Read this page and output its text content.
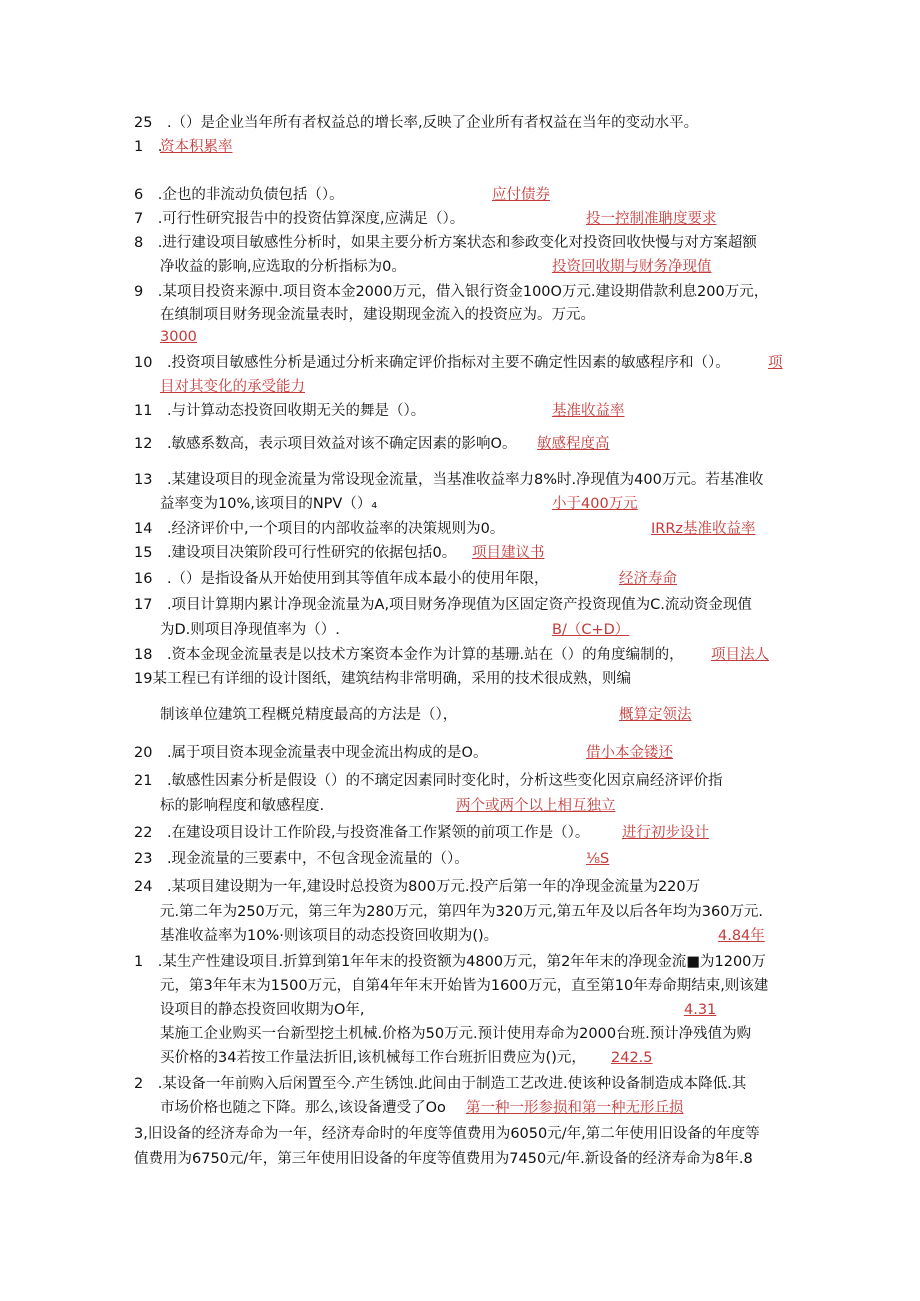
25　.（）是企业当年所有者权益总的增长率,反映了企业所有者权益在当年的变动水平。
1　.
资本积累率
6　.企也的非流动负债包括（）。	应付债券
7　.可行性研究报告中的投资估算深度,应满足（）。	投一控制准聃度要求
8　.进行建设项目敏感性分析时，如果主要分析方案状态和参政变化对投资回收快慢与对方案超额
净收益的影响,应选取的分析指标为0。	投资回收期与财务净现值
9　.某项目投资来源中.项目资本金2000万元，借入银行资金100O万元.建设期借款利息200万元，
在缜制项目财务现金流量表时，建设期现金流入的投资应为。万元。
3000
10　.投资项目敏感性分析是通过分析来确定评价指标对主要不确定性因素的敏感程序和（）。	项
目对其变化的承受能力
11　.与计算动态投资回收期无关的舞是（）。	基准收益率
12　.敏感系数高，表示项目效益对该不确定因素的影响O。 敏感程度高
13　.某建设项目的现金流量为常设现金流量，当基准收益率力8%时.净现值为400万元。若基准收
益率变为10%,该项目的NPV（）₄	小于400万元
14　.经济评价中,一个项目的内部收益率的决策规则为0。	IRRz基准收益率
15　.建设项目决策阶段可行性研究的依据包括0。 项目建议书
16　.（）是指设备从开始使用到其等值年成本最小的使用年限，	经济寿命
17　.项目计算期内累计净现金流量为A,项目财务净现值为区固定资产投资现值为C.流动资金现值
为D.则项目净现值率为（）.	B/（C+D）
18　.资本金现金流量表是以技术方案资本金作为计算的基珊.站在（）的角度编制的， 项目法人
19某工程已有详细的设计图纸，建筑结构非常明确，采用的技术很成熟，则编
制该单位建筑工程概兑精度最高的方法是（），	概算定领法
20　.属于项目资本现金流量表中现金流出构成的是O。	借小本金镂还
21　.敏感性因素分析是假设（）的不璃定因素同时变化时，分析这些变化因京扁经济评价指
标的影响程度和敏感程度.	两个或两个以上相互独立
22　.在建设项目设计工作阶段,与投资准备工作紧领的前项工作是（）。 进行初步设计
23　.现金流量的三要素中，不包含现金流量的（）。	⅛S
24　.某项目建设期为一年,建设时总投资为800万元.投产后第一年的净现金流量为220万
元.第二年为250万元，第三年为280万元，第四年为320万元,第五年及以后各年均为360万元.
基准收益率为10%·则该项目的动态投资回收期为()。	4.84年
1　.某生产性建设项目.折算到第1年年末的投资额为4800万元，第2年年末的净现金流■为1200万
元，第3年年末为1500万元，自第4年年末开始皆为1600万元，直至第10年寿命期结束,则该建
设项目的静态投资回收期为O年,	4.31
某施工企业购买一台新型挖土机械.价格为50万元.预计使用寿命为2000台班.预计净残值为购
买价格的34若按工作量法折旧,该机械每工作台班折旧费应为()元， 242.5
2　.某设备一年前购入后闲置至今.产生锈蚀.此间由于制造工艺改进.使该种设备制造成本降低.其
市场价格也随之下降。那么,该设备遭受了Oo 第一种一形参损和第一种无形丘损
3,旧设备的经济寿命为一年，经济寿命时的年度等值费用为6050元/年,第二年使用旧设备的年度等
值费用为6750元/年，第三年使用旧设备的年度等值费用为7450元/年.新设备的经济寿命为8年.8
